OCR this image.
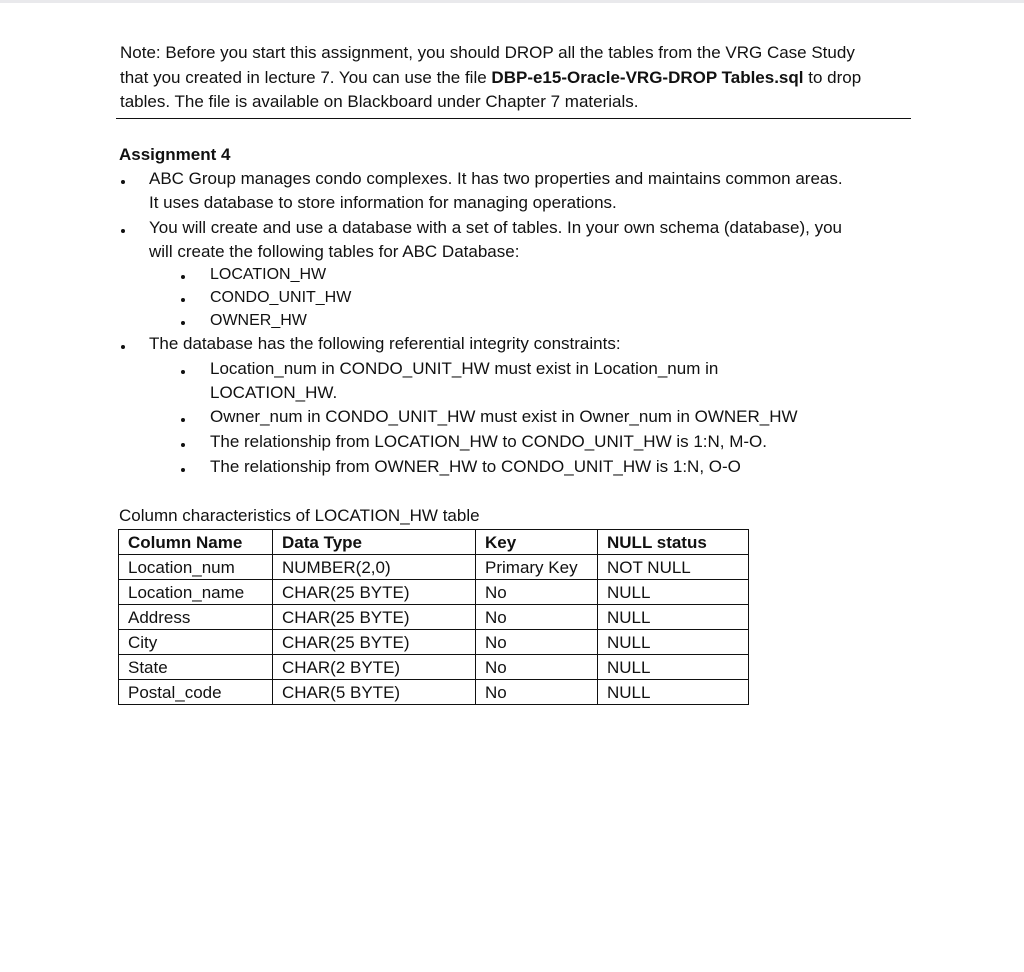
Note: Before you start this assignment, you should DROP all the tables from the VRG Case Study that you created in lecture 7. You can use the file DBP-e15-Oracle-VRG-DROP Tables.sql to drop tables. The file is available on Blackboard under Chapter 7 materials.

Assignment 4

ABC Group manages condo complexes. It has two properties and maintains common areas.
It uses database to store information for managing operations.
You will create and use a database with a set of tables. In your own schema (database), you
will create the following tables for ABC Database:
LOCATION_HW
CONDO_UNIT_HW
OWNER_HW
The database has the following referential integrity constraints:
Location_num in CONDO_UNIT_HW must exist in Location_num in
LOCATION_HW.
Owner_num in CONDO_UNIT_HW must exist in Owner_num in OWNER_HW
The relationship from LOCATION_HW to CONDO_UNIT_HW is 1:N, M-O.
The relationship from OWNER_HW to CONDO_UNIT_HW is 1:N, O-O
Column characteristics of LOCATION_HW table
Column Name	Data Type	Key	NULL status
Location_num	NUMBER(2,0)	Primary Key	NOT NULL
Location_name	CHAR(25 BYTE)	No	NULL
Address	CHAR(25 BYTE)	No	NULL
City	CHAR(25 BYTE)	No	NULL
State	CHAR(2 BYTE)	No	NULL
Postal_code	CHAR(5 BYTE)	No	NULL
